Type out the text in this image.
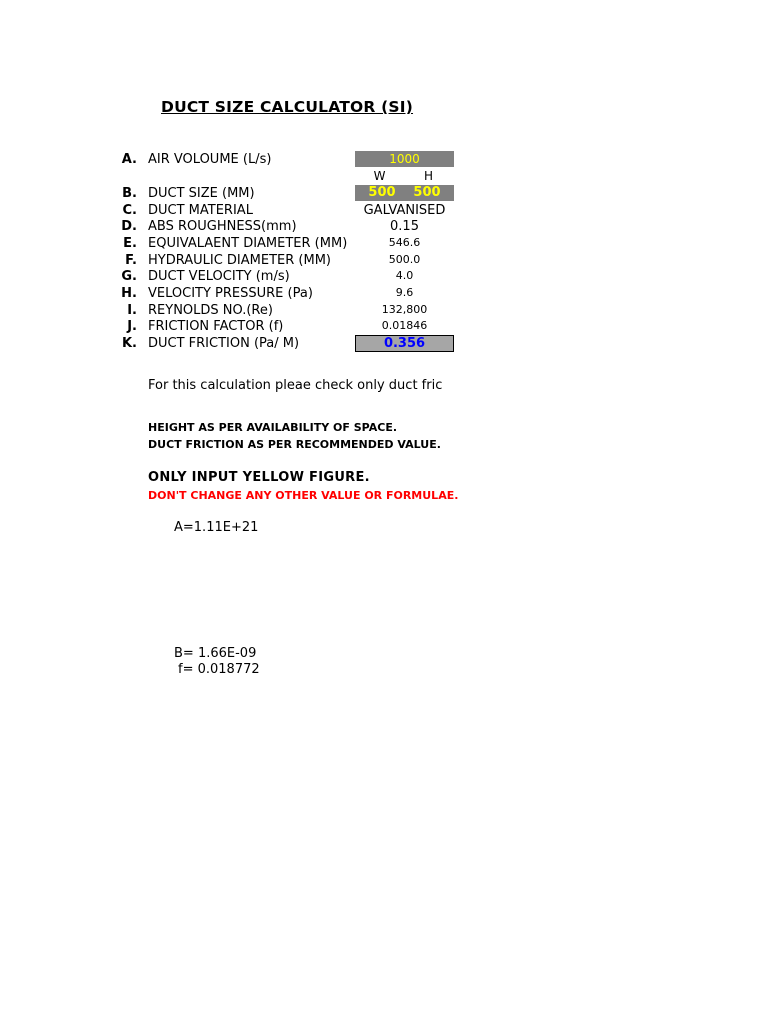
DUCT SIZE CALCULATOR (SI)
A. AIR VOLOUME (L/s)	1000
W	H
B. DUCT SIZE (MM)	500 500
C. DUCT MATERIAL	GALVANISED
D. ABS ROUGHNESS(mm)	0.15
E. EQUIVALAENT DIAMETER (MM)	546.6
F. HYDRAULIC DIAMETER (MM)	500.0
G. DUCT VELOCITY (m/s)	4.0
H. VELOCITY PRESSURE (Pa)	9.6
I. REYNOLDS NO.(Re)	132,800
J. FRICTION FACTOR (f)	0.01846
K. DUCT FRICTION (Pa/ M)	0.356
For this calculation pleae check only duct fric
HEIGHT AS PER AVAILABILITY OF SPACE.
DUCT FRICTION AS PER RECOMMENDED VALUE.
ONLY INPUT YELLOW FIGURE.
DON'T CHANGE ANY OTHER VALUE OR FORMULAE.
A=1.11E+21
B= 1.66E-09
f= 0.018772
